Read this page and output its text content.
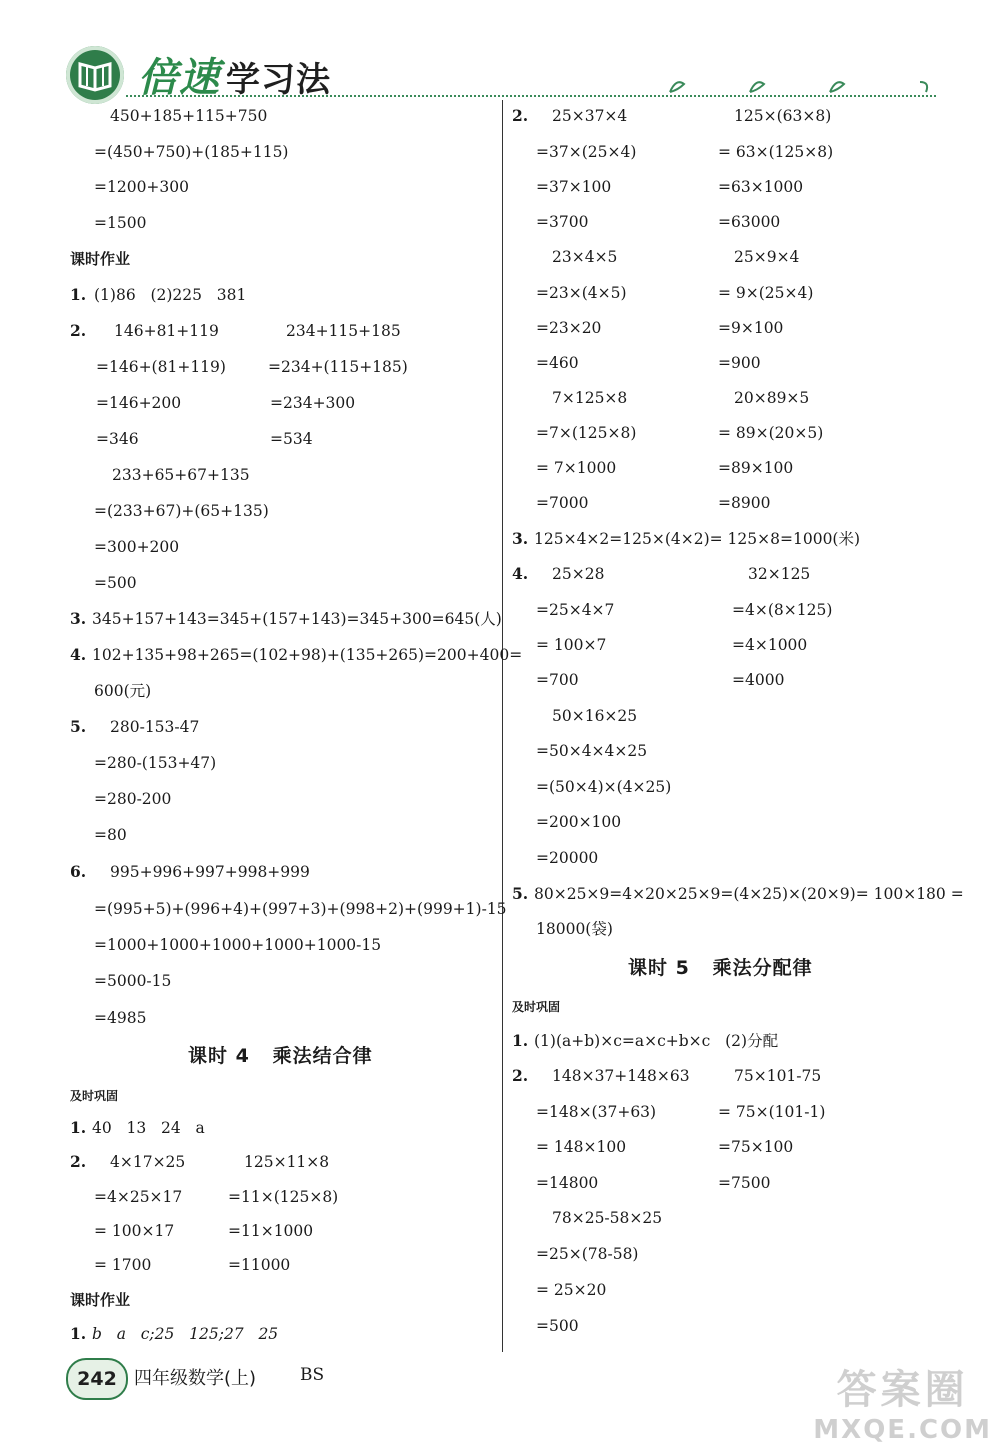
倍速 学习法
450+185+115+750
=(450+750)+(185+115)
=1200+300
=1500
课时作业
1. (1)86   (2)225   381
2. 146+81+119	234+115+185
=146+(81+119)	=234+(115+185)
=146+200	=234+300
=346	=534
233+65+67+135
=(233+67)+(65+135)
=300+200
=500
3. 345+157+143=345+(157+143)=345+300=645(人)
4. 102+135+98+265=(102+98)+(135+265)=200+400=
600(元)
5. 280-153-47
=280-(153+47)
=280-200
=80
6. 995+996+997+998+999
=(995+5)+(996+4)+(997+3)+(998+2)+(999+1)-15
=1000+1000+1000+1000+1000-15
=5000-15
=4985
课时 4   乘法结合律
及时巩固
1. 40   13   24   a
2. 4×17×25	125×11×8
=4×25×17	=11×(125×8)
= 100×17	=11×1000
= 1700	=11000
课时作业
1. b   a   c;25   125;27   25
2. 25×37×4	125×(63×8)
=37×(25×4)	= 63×(125×8)
=37×100	=63×1000
=3700	=63000
23×4×5	25×9×4
=23×(4×5)	= 9×(25×4)
=23×20	=9×100
=460	=900
7×125×8	20×89×5
=7×(125×8)	= 89×(20×5)
= 7×1000	=89×100
=7000	=8900
3. 125×4×2=125×(4×2)= 125×8=1000(米)
4. 25×28	32×125
=25×4×7	=4×(8×125)
= 100×7	=4×1000
=700	=4000
50×16×25
=50×4×4×25
=(50×4)×(4×25)
=200×100
=20000
5. 80×25×9=4×20×25×9=(4×25)×(20×9)= 100×180 =
18000(袋)
课时 5   乘法分配律
及时巩固
1. (1)(a+b)×c=a×c+b×c   (2)分配
2. 148×37+148×63	75×101-75
=148×(37+63)	= 75×(101-1)
= 148×100	=75×100
=14800	=7500
78×25-58×25
=25×(78-58)
= 25×20
=500
242 四年级数学(上)	BS	答案圈
MXQE.COM
